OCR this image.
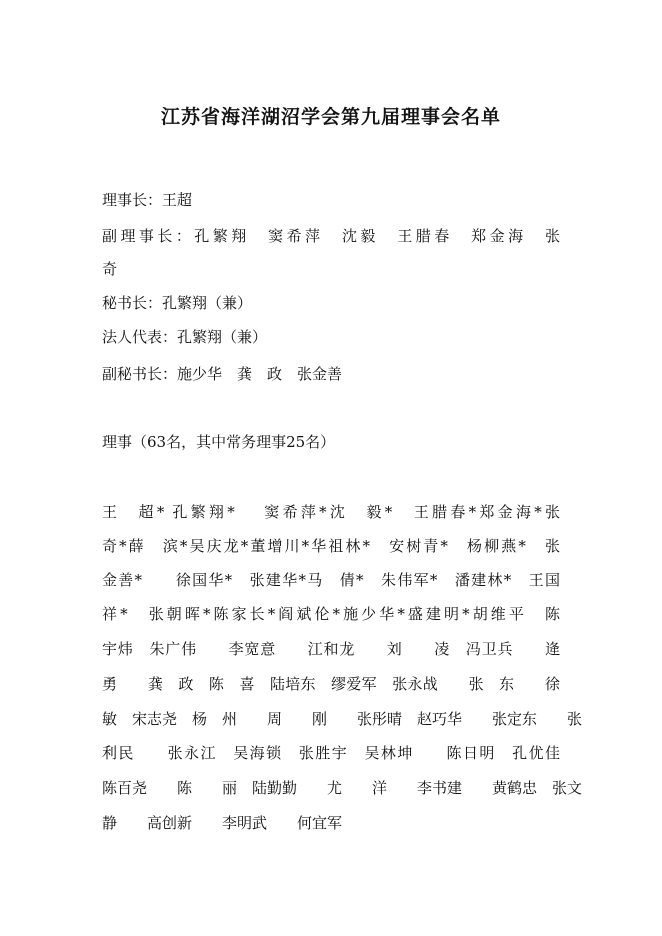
江苏省海洋湖沼学会第九届理事会名单
理事长：王超
副理事长：孔繁翔　窦希萍　沈毅　王腊春　郑金海　张
奇
秘书长：孔繁翔（兼）
法人代表：孔繁翔（兼）
副秘书长：施少华　龚　政　张金善
理事（63名，其中常务理事25名）
王　超* 孔繁翔*　 窦希萍*沈　毅*　王腊春*郑金海*张
奇*薛　滨*吴庆龙*董增川*华祖林*　安树青*　杨柳燕*　张
金善*　　徐国华*　张建华*马　倩*　朱伟军*　潘建林*　王国
祥*　张朝晖*陈家长*阎斌伦*施少华*盛建明*胡维平　陈
宇炜　朱广伟　　李宽意　　江和龙　　刘　　凌　冯卫兵　　逄
勇　　龚　政　陈　喜　陆培东　缪爱军　张永战　　张　东　　徐
敏　宋志尧　杨　州　　周　　刚　　张彤晴　赵巧华　　张定东　　张
利民　　张永江　吴海锁　张胜宇　吴林坤　　陈日明　孔优佳
陈百尧　　陈　　丽　陆勤勤　　尤　　洋　　李书建　　黄鹤忠　张文
静　　高创新　　李明武　　何宜军
